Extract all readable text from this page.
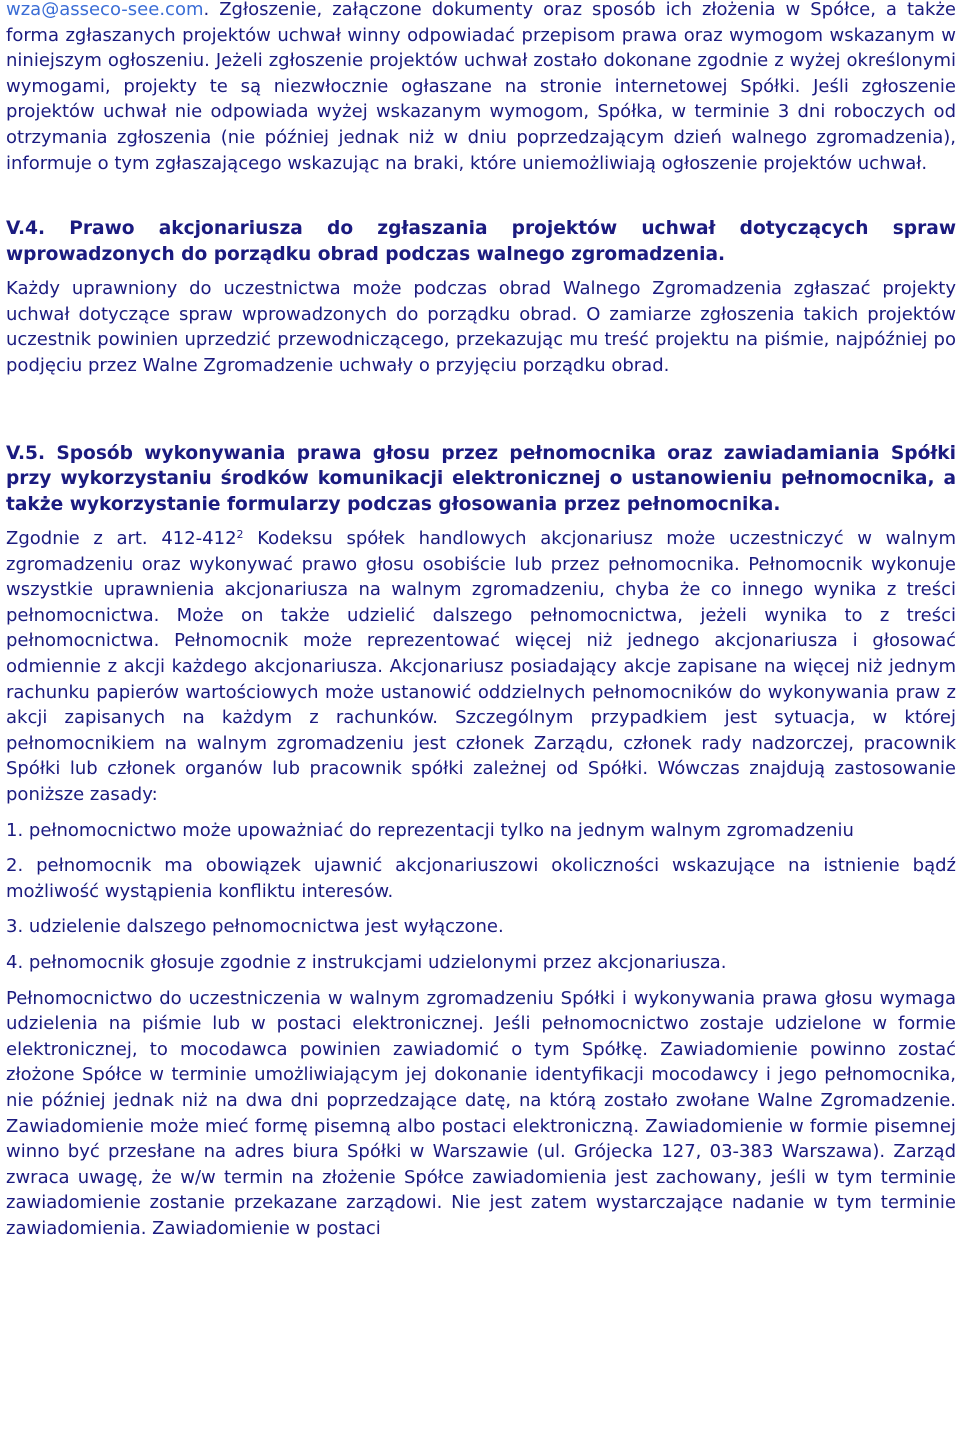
wza@asseco-see.com. Zgłoszenie, załączone dokumenty oraz sposób ich złożenia w Spółce, a także forma zgłaszanych projektów uchwał winny odpowiadać przepisom prawa oraz wymogom wskazanym w niniejszym ogłoszeniu. Jeżeli zgłoszenie projektów uchwał zostało dokonane zgodnie z wyżej określonymi wymogami, projekty te są niezwłocznie ogłaszane na stronie internetowej Spółki. Jeśli zgłoszenie projektów uchwał nie odpowiada wyżej wskazanym wymogom, Spółka, w terminie 3 dni roboczych od otrzymania zgłoszenia (nie później jednak niż w dniu poprzedzającym dzień walnego zgromadzenia), informuje o tym zgłaszającego wskazując na braki, które uniemożliwiają ogłoszenie projektów uchwał.

V.4. Prawo akcjonariusza do zgłaszania projektów uchwał dotyczących spraw wprowadzonych do porządku obrad podczas walnego zgromadzenia.

Każdy uprawniony do uczestnictwa może podczas obrad Walnego Zgromadzenia zgłaszać projekty uchwał dotyczące spraw wprowadzonych do porządku obrad. O zamiarze zgłoszenia takich projektów uczestnik powinien uprzedzić przewodniczącego, przekazując mu treść projektu na piśmie, najpóźniej po podjęciu przez Walne Zgromadzenie uchwały o przyjęciu porządku obrad.

V.5. Sposób wykonywania prawa głosu przez pełnomocnika oraz zawiadamiania Spółki przy wykorzystaniu środków komunikacji elektronicznej o ustanowieniu pełnomocnika, a także wykorzystanie formularzy podczas głosowania przez pełnomocnika.

Zgodnie z art. $412-412^2$ Kodeksu spółek handlowych akcjonariusz może uczestniczyć w walnym zgromadzeniu oraz wykonywać prawo głosu osobiście lub przez pełnomocnika. Pełnomocnik wykonuje wszystkie uprawnienia akcjonariusza na walnym zgromadzeniu, chyba że co innego wynika z treści pełnomocnictwa. Może on także udzielić dalszego pełnomocnictwa, jeżeli wynika to z treści pełnomocnictwa. Pełnomocnik może reprezentować więcej niż jednego akcjonariusza i głosować odmiennie z akcji każdego akcjonariusza. Akcjonariusz posiadający akcje zapisane na więcej niż jednym rachunku papierów wartościowych może ustanowić oddzielnych pełnomocników do wykonywania praw z akcji zapisanych na każdym z rachunków. Szczególnym przypadkiem jest sytuacja, w której pełnomocnikiem na walnym zgromadzeniu jest członek Zarządu, członek rady nadzorczej, pracownik Spółki lub członek organów lub pracownik spółki zależnej od Spółki. Wówczas znajdują zastosowanie poniższe zasady:

1. pełnomocnictwo może upoważniać do reprezentacji tylko na jednym walnym zgromadzeniu

2. pełnomocnik ma obowiązek ujawnić akcjonariuszowi okoliczności wskazujące na istnienie bądź możliwość wystąpienia konfliktu interesów.

3. udzielenie dalszego pełnomocnictwa jest wyłączone.

4. pełnomocnik głosuje zgodnie z instrukcjami udzielonymi przez akcjonariusza.

Pełnomocnictwo do uczestniczenia w walnym zgromadzeniu Spółki i wykonywania prawa głosu wymaga udzielenia na piśmie lub w postaci elektronicznej. Jeśli pełnomocnictwo zostaje udzielone w formie elektronicznej, to mocodawca powinien zawiadomić o tym Spółkę. Zawiadomienie powinno zostać złożone Spółce w terminie umożliwiającym jej dokonanie identyfikacji mocodawcy i jego pełnomocnika, nie później jednak niż na dwa dni poprzedzające datę, na którą zostało zwołane Walne Zgromadzenie. Zawiadomienie może mieć formę pisemną albo postaci elektroniczną. Zawiadomienie w formie pisemnej winno być przesłane na adres biura Spółki w Warszawie (ul. Grójecka 127, 03-383 Warszawa). Zarząd zwraca uwagę, że w/w termin na złożenie Spółce zawiadomienia jest zachowany, jeśli w tym terminie zawiadomienie zostanie przekazane zarządowi. Nie jest zatem wystarczające nadanie w tym terminie zawiadomienia. Zawiadomienie w postaci
